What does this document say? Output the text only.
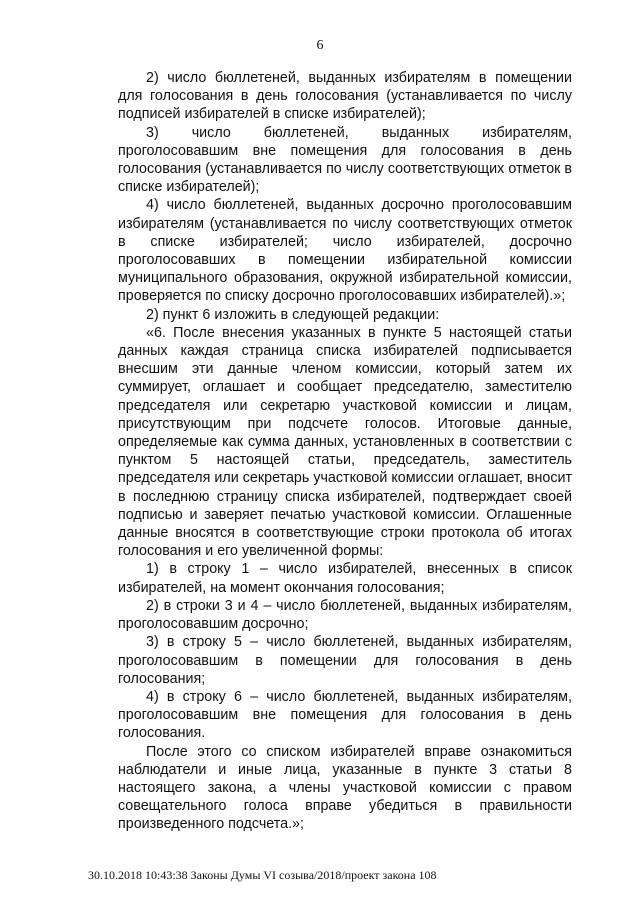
6

2) число бюллетеней, выданных избирателям в помещении для голосования в день голосования (устанавливается по числу подписей избирателей в списке избирателей);

3) число бюллетеней, выданных избирателям, проголосовавшим вне помещения для голосования в день голосования (устанавливается по числу соответствующих отметок в списке избирателей);

4) число бюллетеней, выданных досрочно проголосовавшим избирателям (устанавливается по числу соответствующих отметок в списке избирателей; число избирателей, досрочно проголосовавших в помещении избирательной комиссии муниципального образования, окружной избирательной комиссии, проверяется по списку досрочно проголосовавших избирателей).»;

2) пункт 6 изложить в следующей редакции:

«6. После внесения указанных в пункте 5 настоящей статьи данных каждая страница списка избирателей подписывается внесшим эти данные членом комиссии, который затем их суммирует, оглашает и сообщает председателю, заместителю председателя или секретарю участковой комиссии и лицам, присутствующим при подсчете голосов. Итоговые данные, определяемые как сумма данных, установленных в соответствии с пунктом 5 настоящей статьи, председатель, заместитель председателя или секретарь участковой комиссии оглашает, вносит в последнюю страницу списка избирателей, подтверждает своей подписью и заверяет печатью участковой комиссии. Оглашенные данные вносятся в соответствующие строки протокола об итогах голосования и его увеличенной формы:

1) в строку 1 – число избирателей, внесенных в список избирателей, на момент окончания голосования;

2) в строки 3 и 4 – число бюллетеней, выданных избирателям, проголосовавшим досрочно;

3) в строку 5 – число бюллетеней, выданных избирателям, проголосовавшим в помещении для голосования в день голосования;

4) в строку 6 – число бюллетеней, выданных избирателям, проголосовавшим вне помещения для голосования в день голосования.

После этого со списком избирателей вправе ознакомиться наблюдатели и иные лица, указанные в пункте 3 статьи 8 настоящего закона, а члены участковой комиссии с правом совещательного голоса вправе убедиться в правильности произведенного подсчета.»;

30.10.2018 10:43:38 Законы Думы VI созыва/2018/проект закона 108
